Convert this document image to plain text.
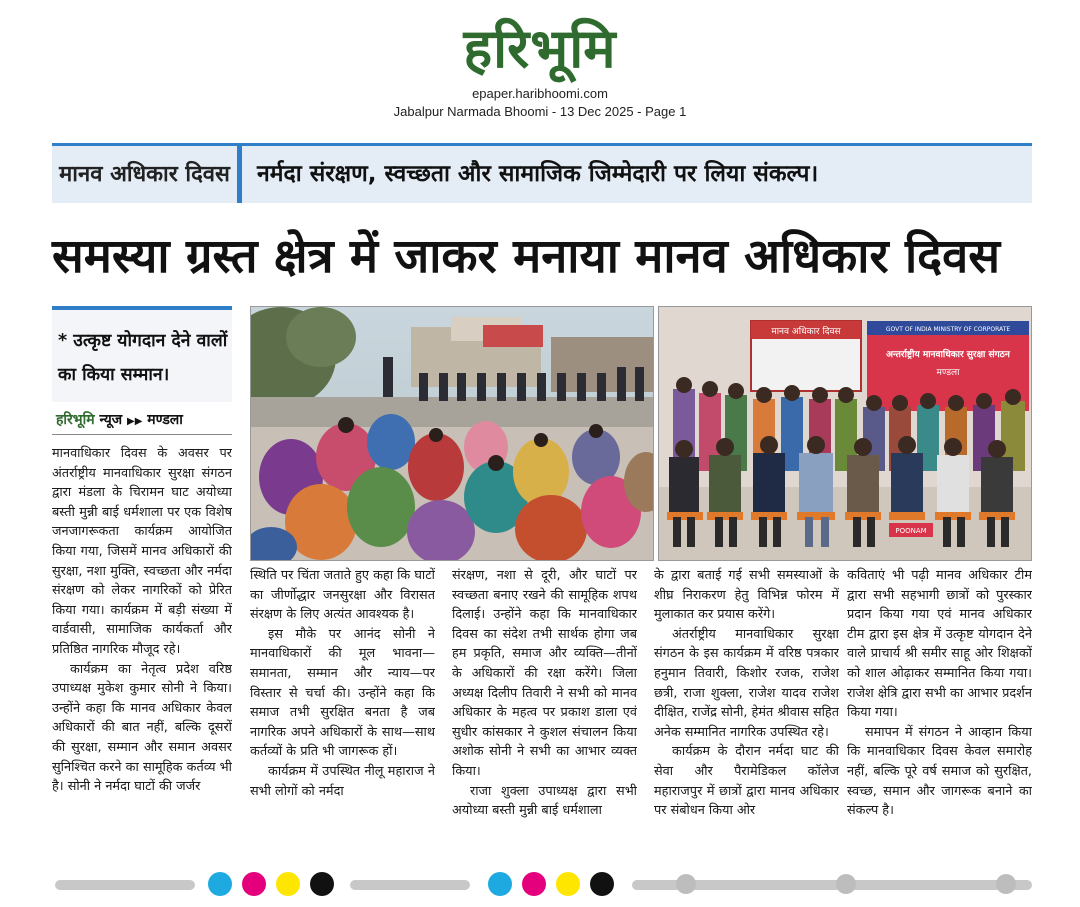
हरिभूमि
epaper.haribhoomi.com
Jabalpur Narmada Bhoomi - 13 Dec 2025 - Page 1
मानव अधिकार दिवस	नर्मदा संरक्षण, स्वच्छता और सामाजिक जिम्मेदारी पर लिया संकल्प।
समस्या ग्रस्त क्षेत्र में जाकर मनाया मानव अधिकार दिवस
* उत्कृष्ट योगदान देने वालों का किया सम्मान।
हरिभूमि न्यूज ▶▶ मण्डला

मानवाधिकार दिवस के अवसर पर अंतर्राष्ट्रीय मानवाधिकार सुरक्षा संगठन द्वारा मंडला के चिरामन घाट अयोध्या बस्ती मुन्नी बाई धर्मशाला पर एक विशेष जनजागरूकता कार्यक्रम आयोजित किया गया, जिसमें मानव अधिकारों की सुरक्षा, नशा मुक्ति, स्वच्छता और नर्मदा संरक्षण को लेकर नागरिकों को प्रेरित किया गया। कार्यक्रम में बड़ी संख्या में वार्डवासी, सामाजिक कार्यकर्ता और प्रतिष्ठित नागरिक मौजूद रहे।

कार्यक्रम का नेतृत्व प्रदेश वरिष्ठ उपाध्यक्ष मुकेश कुमार सोनी ने किया। उन्होंने कहा कि मानव अधिकार केवल अधिकारों की बात नहीं, बल्कि दूसरों की सुरक्षा, सम्मान और समान अवसर सुनिश्चित करने का सामूहिक कर्तव्य भी है। सोनी ने नर्मदा घाटों की जर्जर

मानव अधिकार दिवस	GOVT OF INDIA MINISTRY OF CORPORATE
अन्तर्राष्ट्रीय मानवाधिकार सुरक्षा संगठन
मण्डला
POONAM

स्थिति पर चिंता जताते हुए कहा कि घाटों का जीर्णोद्धार जनसुरक्षा और विरासत संरक्षण के लिए अत्यंत आवश्यक है।

इस मौके पर आनंद सोनी ने मानवाधिकारों की मूल भावना—समानता, सम्मान और न्याय—पर विस्तार से चर्चा की। उन्होंने कहा कि समाज तभी सुरक्षित बनता है जब नागरिक अपने अधिकारों के साथ—साथ कर्तव्यों के प्रति भी जागरूक हों।

कार्यक्रम में उपस्थित नीलू महाराज ने सभी लोगों को नर्मदा

संरक्षण, नशा से दूरी, और घाटों पर स्वच्छता बनाए रखने की सामूहिक शपथ दिलाई। उन्होंने कहा कि मानवाधिकार दिवस का संदेश तभी सार्थक होगा जब हम प्रकृति, समाज और व्यक्ति—तीनों के अधिकारों की रक्षा करेंगे। जिला अध्यक्ष दिलीप तिवारी ने सभी को मानव अधिकार के महत्व पर प्रकाश डाला एवं सुधीर कांसकार ने कुशल संचालन किया अशोक सोनी ने सभी का आभार व्यक्त किया।

राजा शुक्ला उपाध्यक्ष द्वारा सभी अयोध्या बस्ती मुन्नी बाई धर्मशाला

के द्वारा बताई गई सभी समस्याओं के शीघ्र निराकरण हेतु विभिन्न फोरम में मुलाकात कर प्रयास करेंगे।

अंतर्राष्ट्रीय मानवाधिकार सुरक्षा संगठन के इस कार्यक्रम में वरिष्ठ पत्रकार हनुमान तिवारी, किशोर रजक, राजेश छत्री, राजा शुक्ला, राजेश यादव राजेश दीक्षित, राजेंद्र सोनी, हेमंत श्रीवास सहित अनेक सम्मानित नागरिक उपस्थित रहे।

कार्यक्रम के दौरान नर्मदा घाट की सेवा और पैरामेडिकल कॉलेज महाराजपुर में छात्रों द्वारा मानव अधिकार पर संबोधन किया ओर

कविताएं भी पढ़ी मानव अधिकार टीम द्वारा सभी सहभागी छात्रों को पुरस्कार प्रदान किया गया एवं मानव अधिकार टीम द्वारा इस क्षेत्र में उत्कृष्ट योगदान देने वाले प्राचार्य श्री समीर साहू ओर शिक्षकों को शाल ओढ़ाकर सम्मानित किया गया। राजेश क्षेत्रि द्वारा सभी का आभार प्रदर्शन किया गया।

समापन में संगठन ने आव्हान किया कि मानवाधिकार दिवस केवल समारोह नहीं, बल्कि पूरे वर्ष समाज को सुरक्षित, स्वच्छ, समान और जागरूक बनाने का संकल्प है।
